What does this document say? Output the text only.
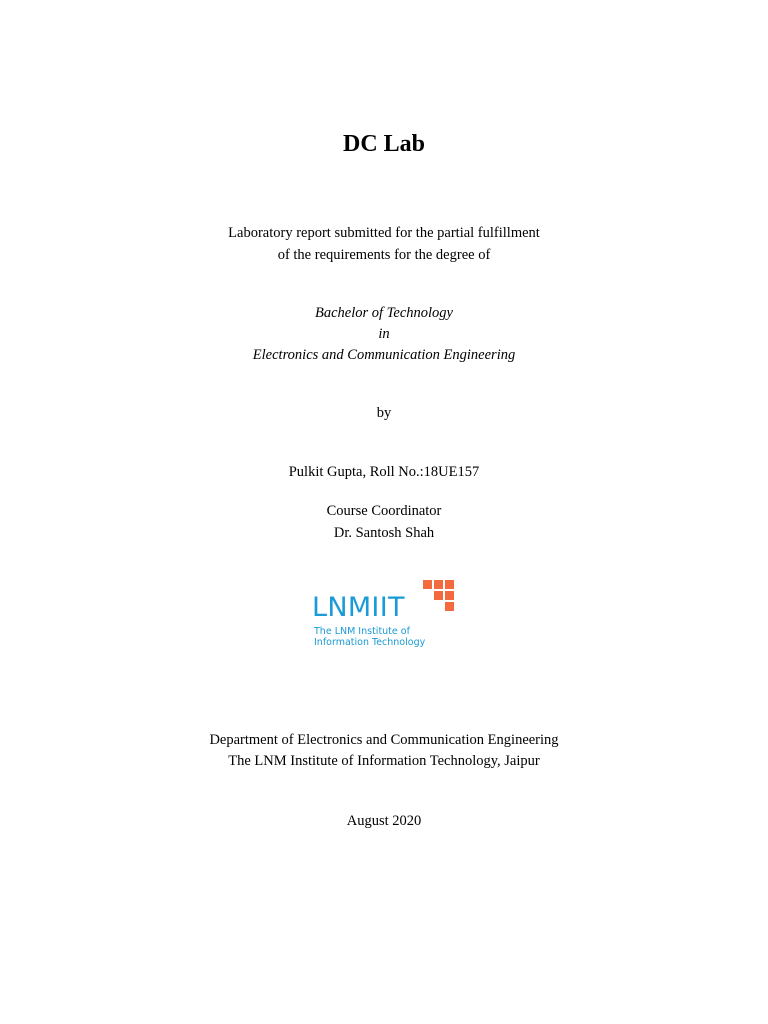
DC Lab
Laboratory report submitted for the partial fulfillment
of the requirements for the degree of
Bachelor of Technology
in
Electronics and Communication Engineering
by
Pulkit Gupta, Roll No.:18UE157
Course Coordinator
Dr. Santosh Shah
LNMIIT
The LNM Institute of
Information Technology
Department of Electronics and Communication Engineering
The LNM Institute of Information Technology, Jaipur
August 2020
